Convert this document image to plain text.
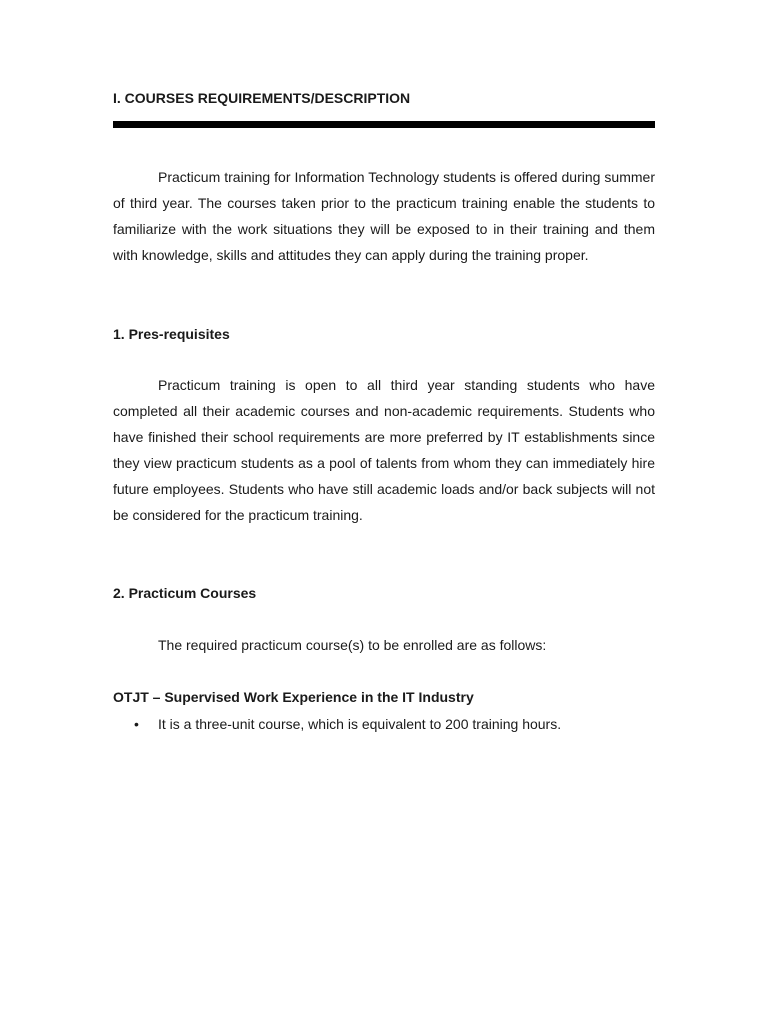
I. COURSES REQUIREMENTS/DESCRIPTION

Practicum training for Information Technology students is offered during summer of third year. The courses taken prior to the practicum training enable the students to familiarize with the work situations they will be exposed to in their training and them with knowledge, skills and attitudes they can apply during the training proper.

1. Pres-requisites

Practicum training is open to all third year standing students who have completed all their academic courses and non-academic requirements. Students who have finished their school requirements are more preferred by IT establishments since they view practicum students as a pool of talents from whom they can immediately hire future employees. Students who have still academic loads and/or back subjects will not be considered for the practicum training.

2. Practicum Courses

The required practicum course(s) to be enrolled are as follows:

OTJT – Supervised Work Experience in the IT Industry
• It is a three-unit course, which is equivalent to 200 training hours.
